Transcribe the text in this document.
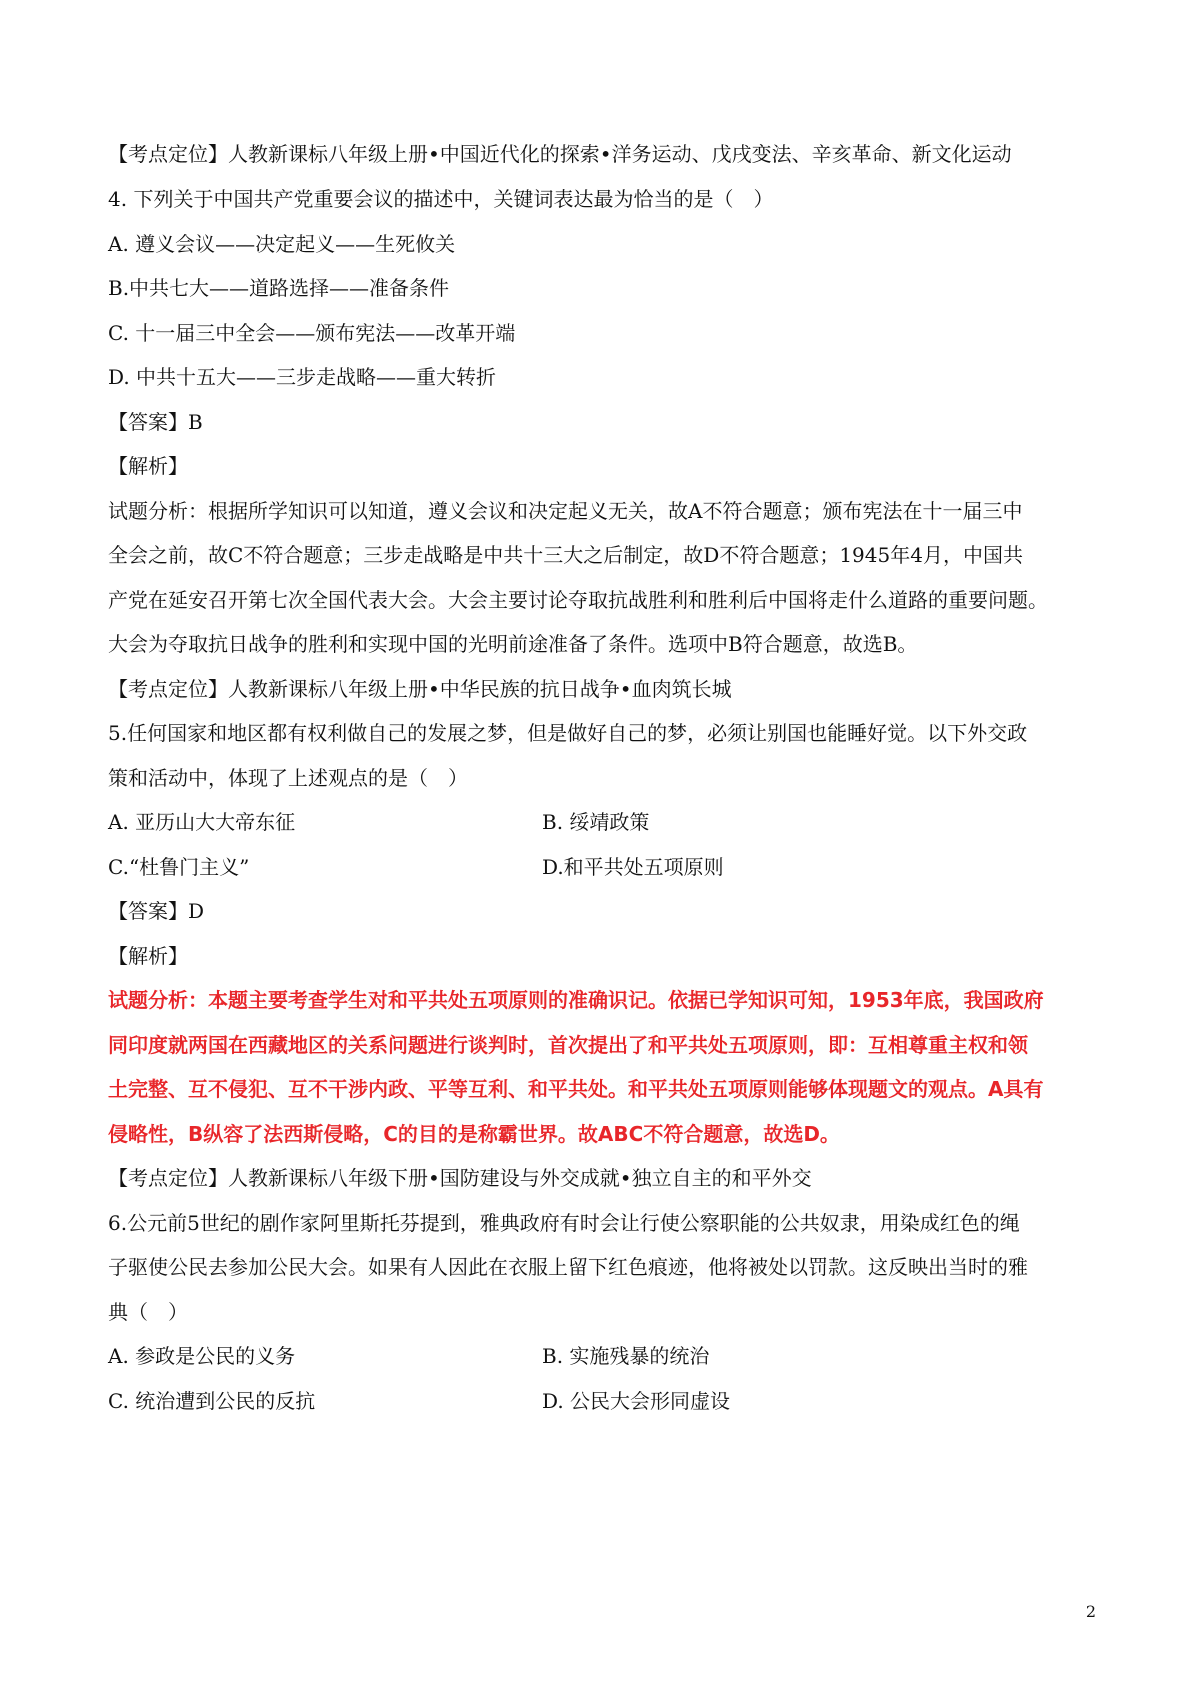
【考点定位】人教新课标八年级上册•中国近代化的探索•洋务运动、戊戌变法、辛亥革命、新文化运动
4. 下列关于中国共产党重要会议的描述中，关键词表达最为恰当的是（　）
A. 遵义会议——决定起义——生死攸关
B.中共七大——道路选择——准备条件
C. 十一届三中全会——颁布宪法——改革开端
D. 中共十五大——三步走战略——重大转折
【答案】B
【解析】
试题分析：根据所学知识可以知道，遵义会议和决定起义无关，故A不符合题意；颁布宪法在十一届三中
全会之前，故C不符合题意；三步走战略是中共十三大之后制定，故D不符合题意；1945年4月，中国共
产党在延安召开第七次全国代表大会。大会主要讨论夺取抗战胜利和胜利后中国将走什么道路的重要问题。
大会为夺取抗日战争的胜利和实现中国的光明前途准备了条件。选项中B符合题意，故选B。
【考点定位】人教新课标八年级上册•中华民族的抗日战争•血肉筑长城
5.任何国家和地区都有权利做自己的发展之梦，但是做好自己的梦，必须让别国也能睡好觉。以下外交政
策和活动中，体现了上述观点的是（　）
A. 亚历山大大帝东征	B. 绥靖政策
C.“杜鲁门主义”	D.和平共处五项原则
【答案】D
【解析】
试题分析：本题主要考查学生对和平共处五项原则的准确识记。依据已学知识可知，1953年底，我国政府
同印度就两国在西藏地区的关系问题进行谈判时，首次提出了和平共处五项原则，即：互相尊重主权和领
土完整、互不侵犯、互不干涉内政、平等互利、和平共处。和平共处五项原则能够体现题文的观点。A具有
侵略性，B纵容了法西斯侵略，C的目的是称霸世界。故ABC不符合题意，故选D。
【考点定位】人教新课标八年级下册•国防建设与外交成就•独立自主的和平外交
6.公元前5世纪的剧作家阿里斯托芬提到，雅典政府有时会让行使公察职能的公共奴隶，用染成红色的绳
子驱使公民去参加公民大会。如果有人因此在衣服上留下红色痕迹，他将被处以罚款。这反映出当时的雅
典（　）
A. 参政是公民的义务	B. 实施残暴的统治
C. 统治遭到公民的反抗	D. 公民大会形同虚设
2
